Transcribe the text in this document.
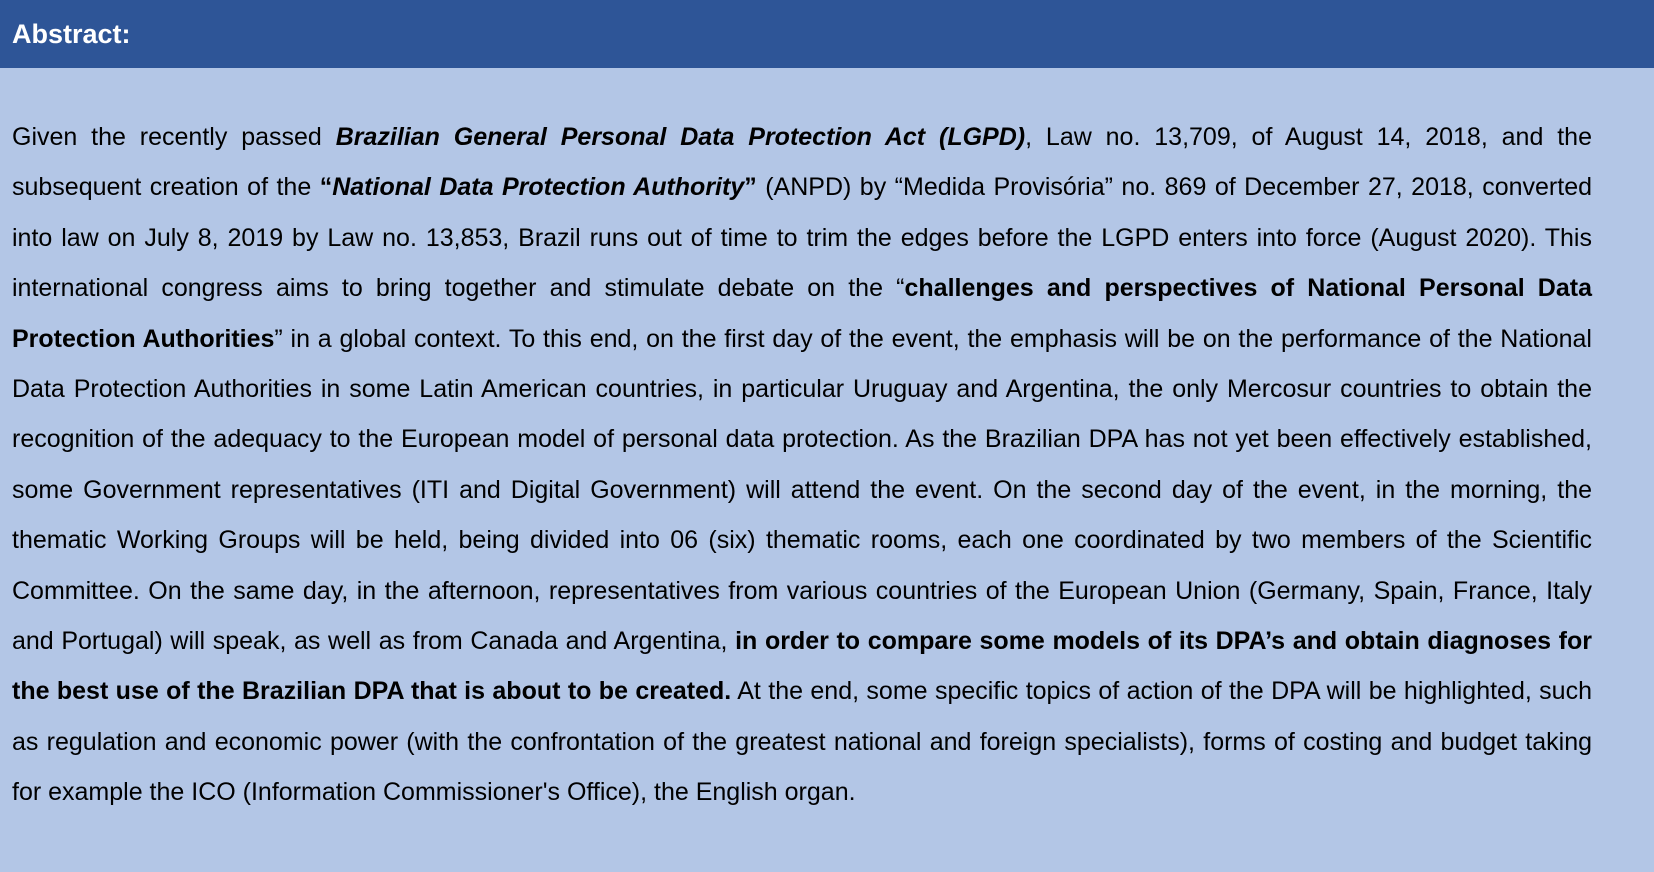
Abstract:

Given the recently passed Brazilian General Personal Data Protection Act (LGPD), Law no. 13,709, of August 14, 2018, and the subsequent creation of the “National Data Protection Authority” (ANPD) by “Medida Provisória” no. 869 of December 27, 2018, converted into law on July 8, 2019 by Law no. 13,853, Brazil runs out of time to trim the edges before the LGPD enters into force (August 2020). This international congress aims to bring together and stimulate debate on the “challenges and perspectives of National Personal Data Protection Authorities” in a global context. To this end, on the first day of the event, the emphasis will be on the performance of the National Data Protection Authorities in some Latin American countries, in particular Uruguay and Argentina, the only Mercosur countries to obtain the recognition of the adequacy to the European model of personal data protection. As the Brazilian DPA has not yet been effectively established, some Government representatives (ITI and Digital Government) will attend the event. On the second day of the event, in the morning, the thematic Working Groups will be held, being divided into 06 (six) thematic rooms, each one coordinated by two members of the Scientific Committee. On the same day, in the afternoon, representatives from various countries of the European Union (Germany, Spain, France, Italy and Portugal) will speak, as well as from Canada and Argentina, in order to compare some models of its DPA’s and obtain diagnoses for the best use of the Brazilian DPA that is about to be created. At the end, some specific topics of action of the DPA will be highlighted, such as regulation and economic power (with the confrontation of the greatest national and foreign specialists), forms of costing and budget taking for example the ICO (Information Commissioner's Office), the English organ.
